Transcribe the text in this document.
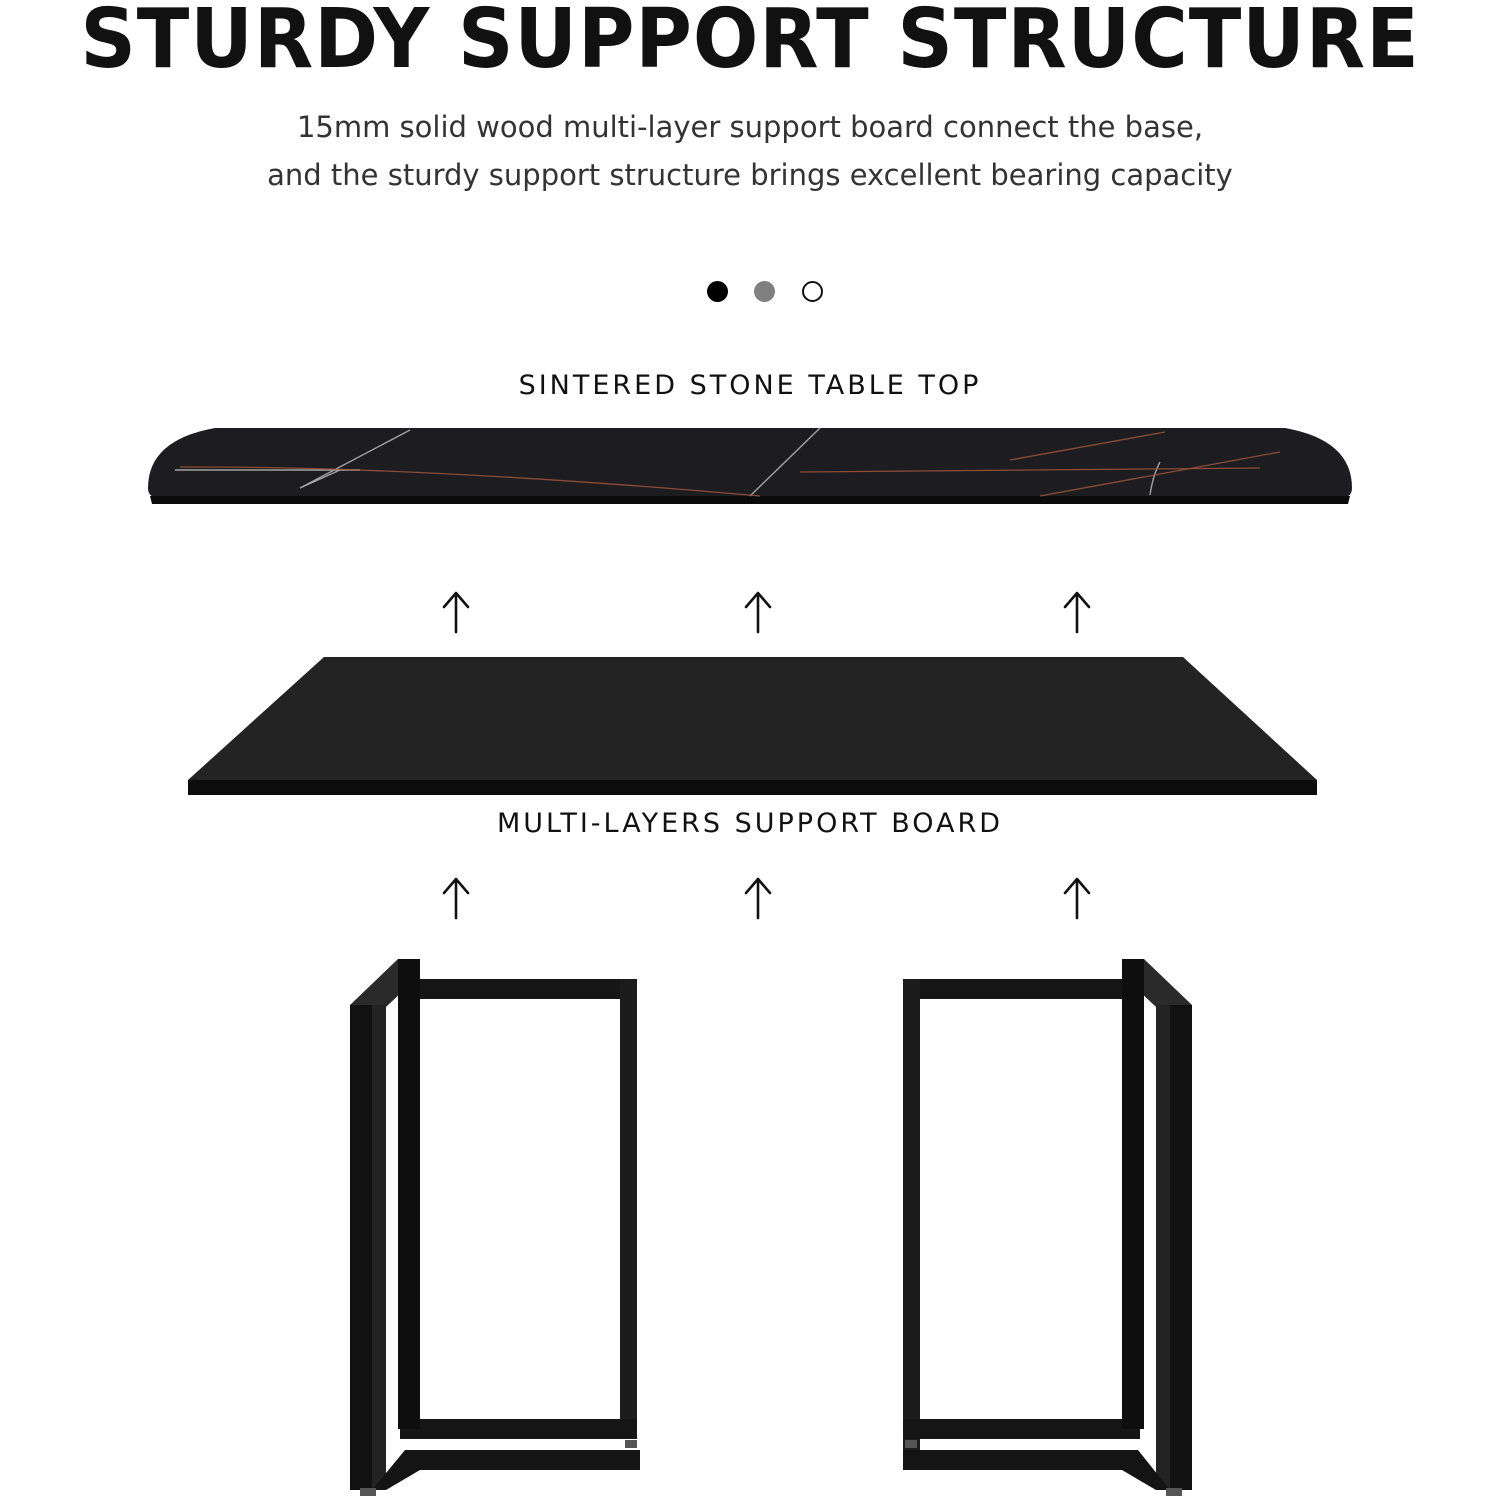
STURDY SUPPORT STRUCTURE

15mm solid wood multi-layer support board connect the base,

and the sturdy support structure brings excellent bearing capacity

SINTERED STONE TABLE TOP

MULTI-LAYERS SUPPORT BOARD
